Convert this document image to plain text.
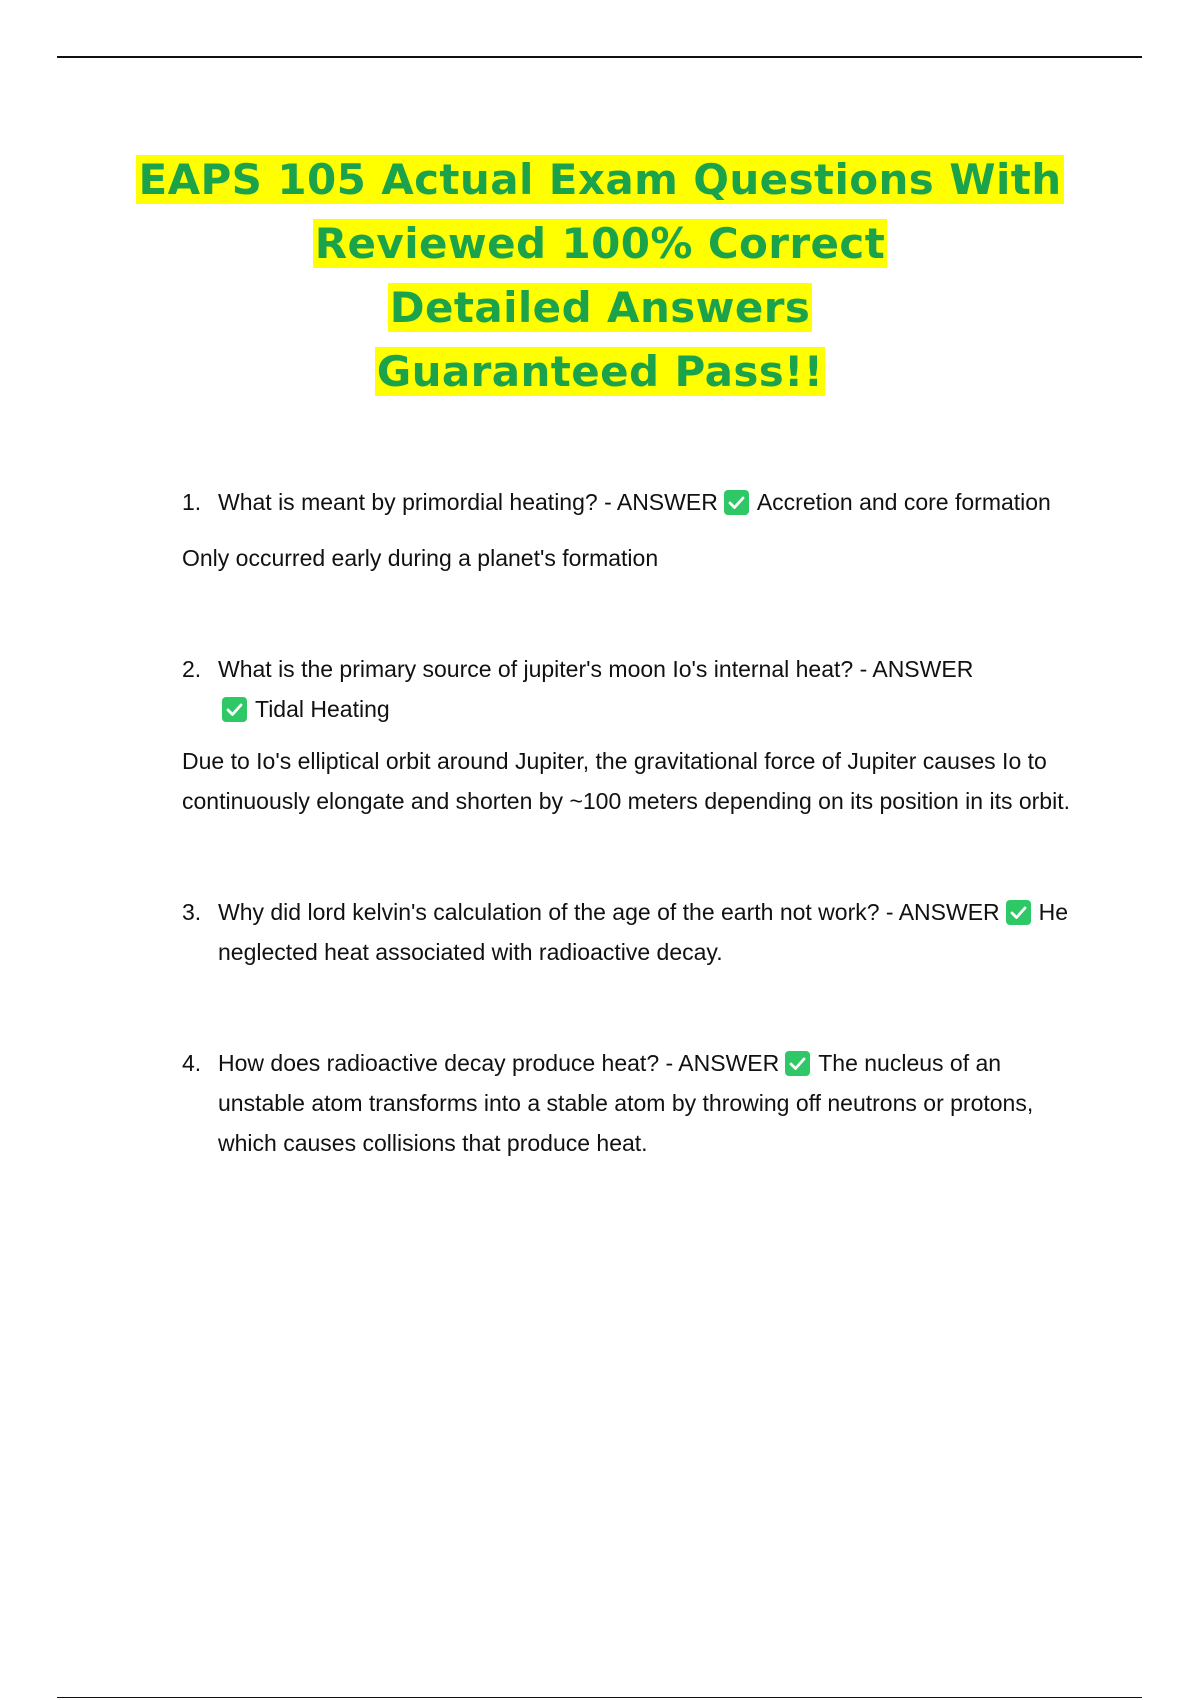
EAPS 105 Actual Exam Questions With
Reviewed 100% Correct
Detailed Answers
Guaranteed Pass!!
1. What is meant by primordial heating? - ANSWER Accretion and core formation
Only occurred early during a planet's formation
2. What is the primary source of jupiter's moon Io's internal heat? - ANSWER

Tidal Heating
Due to Io's elliptical orbit around Jupiter, the gravitational force of Jupiter causes Io to continuously elongate and shorten by ~100 meters depending on its position in its orbit.
3. Why did lord kelvin's calculation of the age of the earth not work? - ANSWER He neglected heat associated with radioactive decay.
4. How does radioactive decay produce heat? - ANSWER The nucleus of an unstable atom transforms into a stable atom by throwing off neutrons or protons, which causes collisions that produce heat.
